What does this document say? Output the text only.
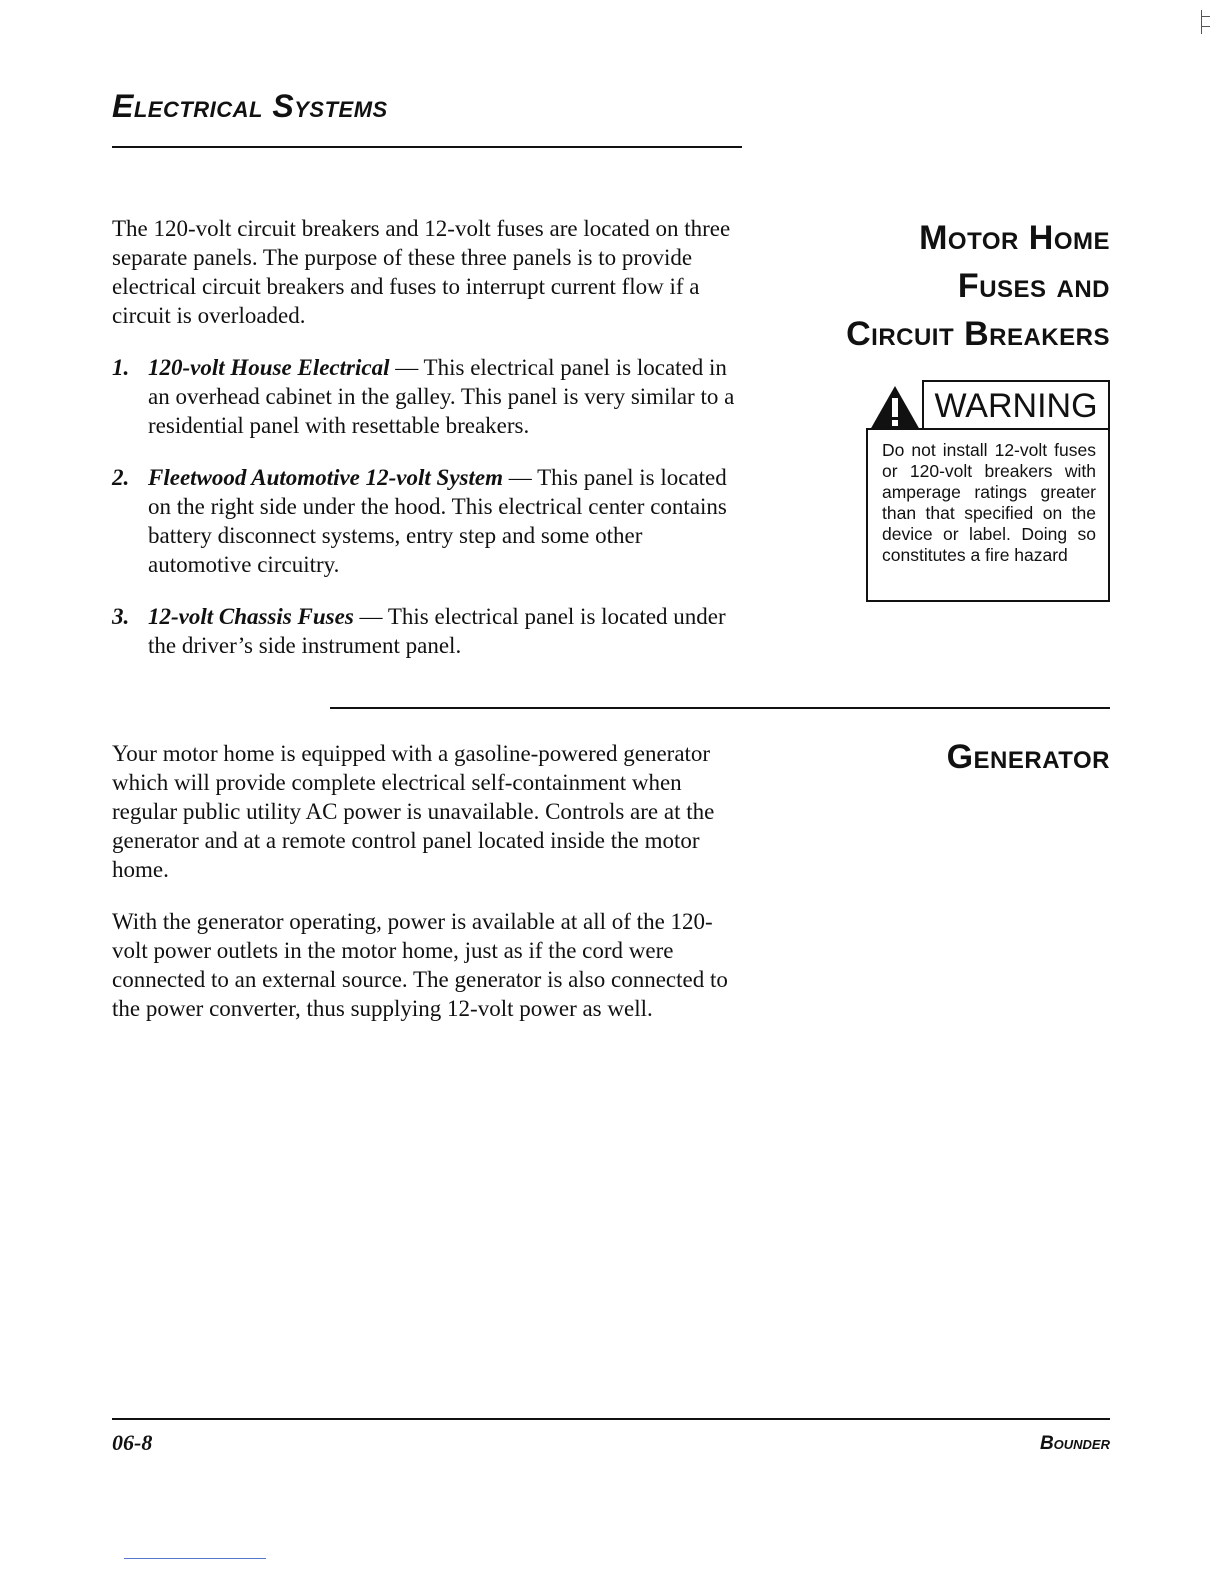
Electrical Systems

The 120-volt circuit breakers and 12-volt fuses are located on three separate panels. The purpose of these three panels is to provide electrical circuit breakers and fuses to interrupt current flow if a circuit is overloaded.

1. 120-volt House Electrical — This electrical panel is located in an overhead cabinet in the galley. This panel is very similar to a residential panel with resettable breakers.
2. Fleetwood Automotive 12-volt System — This panel is located on the right side under the hood. This electrical center contains battery disconnect systems, entry step and some other automotive circuitry.
3. 12-volt Chassis Fuses — This electrical panel is located under the driver’s side instrument panel.
Motor Home
Fuses and
Circuit Breakers
WARNING
Do not install 12-volt fuses or 120-volt breakers with amperage ratings greater than that specified on the device or label. Doing so constitutes a fire hazard

Your motor home is equipped with a gasoline-powered generator which will provide complete electrical self-containment when regular public utility AC power is unavailable. Controls are at the generator and at a remote control panel located inside the motor home.

With the generator operating, power is available at all of the 120-volt power outlets in the motor home, just as if the cord were connected to an external source. The generator is also connected to the power converter, thus supplying 12-volt power as well.

Generator
06-8	Bounder
